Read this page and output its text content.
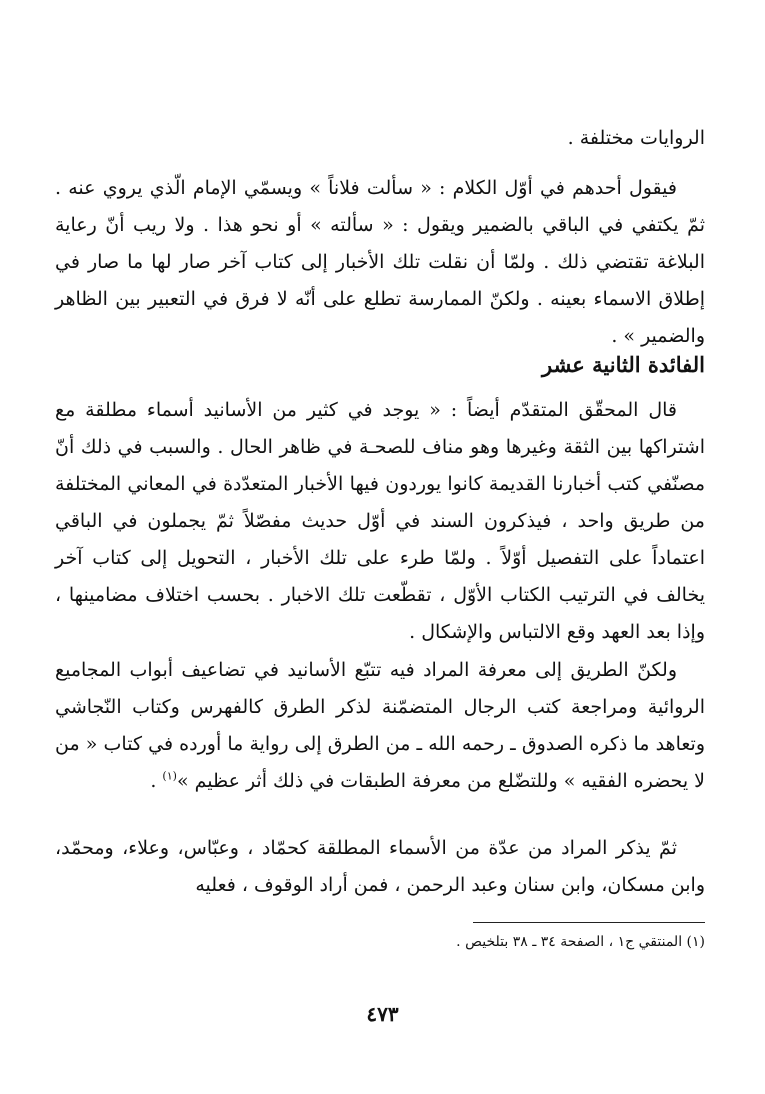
الروايات مختلفة .

فيقول أحدهم في أوّل الكلام : « سألت فلاناً » ويسمّي الإمام الّذي يروي عنه . ثمّ يكتفي في الباقي بالضمير ويقول : « سألته » أو نحو هذا . ولا ريب أنّ رعاية البلاغة تقتضي ذلك . ولمّا أن نقلت تلك الأخبار إلى كتاب آخر صار لها ما صار في إطلاق الاسماء بعينه . ولكنّ الممارسة تطلع على أنّه لا فرق في التعبير بين الظاهر والضمير » .

الفائدة الثانية عشر

قال المحقّق المتقدّم أيضاً : « يوجد في كثير من الأسانيد أسماء مطلقة مع اشتراكها بين الثقة وغيرها وهو مناف للصحـة في ظاهر الحال . والسبب في ذلك أنّ مصنّفي كتب أخبارنا القديمة كانوا يوردون فيها الأخبار المتعدّدة في المعاني المختلفة من طريق واحد ، فيذكرون السند في أوّل حديث مفصّلاً ثمّ يجملون في الباقي اعتماداً على التفصيل أوّلاً . ولمّا طرء على تلك الأخبار ، التحويل إلى كتاب آخر يخالف في الترتيب الكتاب الأوّل ، تقطّعت تلك الاخبار . بحسب اختلاف مضامينها ، وإذا بعد العهد وقع الالتباس والإشكال .

ولكنّ الطريق إلى معرفة المراد فيه تتبّع الأسانيد في تضاعيف أبواب المجاميع الروائية ومراجعة كتب الرجال المتضمّنة لذكر الطرق كالفهرس وكتاب النّجاشي وتعاهد ما ذكره الصدوق ـ رحمه الله ـ من الطرق إلى رواية ما أورده في كتاب « من لا يحضره الفقيه » وللتضّلع من معرفة الطبقات في ذلك أثر عظيم »$^{(١)}$ .

ثمّ يذكر المراد من عدّة من الأسماء المطلقة كحمّاد ، وعبّاس، وعلاء، ومحمّد، وابن مسكان، وابن سنان وعبد الرحمن ، فمن أراد الوقوف ، فعليه

(١) المنتقي ج١ ، الصفحة ٣٤ ـ ٣٨ بتلخيص .
٤٧٣
